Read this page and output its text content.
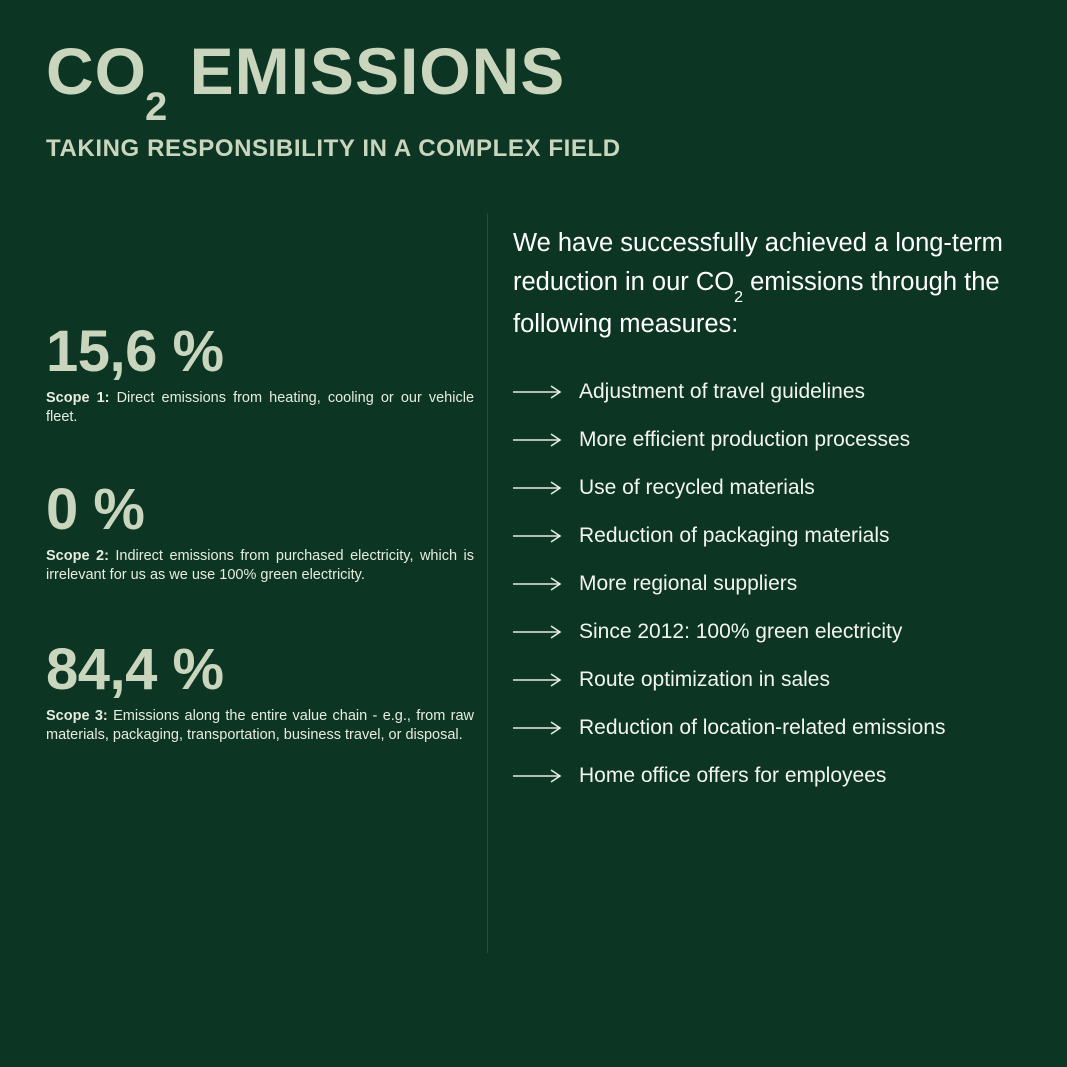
$CO_2$ EMISSIONS
TAKING RESPONSIBILITY IN A COMPLEX FIELD
15,6 %
Scope 1: Direct emissions from heating, cooling or our vehicle fleet.
0 %
Scope 2: Indirect emissions from purchased electricity, which is irrelevant for us as we use 100% green electricity.
84,4 %
Scope 3: Emissions along the entire value chain - e.g., from raw materials, packaging, transportation, business travel, or disposal.

We have successfully achieved a long-term reduction in our $CO_2$ emissions through the following measures:

Adjustment of travel guidelines
More efficient production processes
Use of recycled materials
Reduction of packaging materials
More regional suppliers
Since 2012: 100% green electricity
Route optimization in sales
Reduction of location-related emissions
Home office offers for employees
